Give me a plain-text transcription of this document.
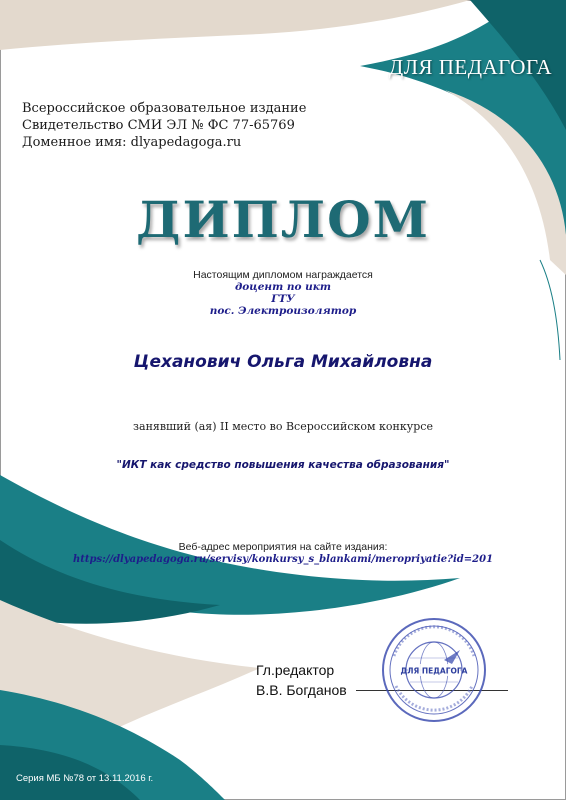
ДЛЯ ПЕДАГОГА
Всероссийское образовательное издание
Свидетельство СМИ ЭЛ № ФС 77-65769
Доменное имя: dlyapedagoga.ru
ДИПЛОМ
Настоящим дипломом награждается
доцент по икт
ГТУ
пос. Электроизолятор
Цеханович Ольга Михайловна
занявший (ая) II место во Всероссийском конкурсе
"ИКТ как средство повышения качества образования"
Веб-адрес мероприятия на сайте издания:
https://dlyapedagoga.ru/servisy/konkursy_s_blankami/meropriyatie?id=201
Гл.редактор
В.В. Богданов
ДЛЯ ПЕДАГОГА
Серия МБ №78 от 13.11.2016 г.
